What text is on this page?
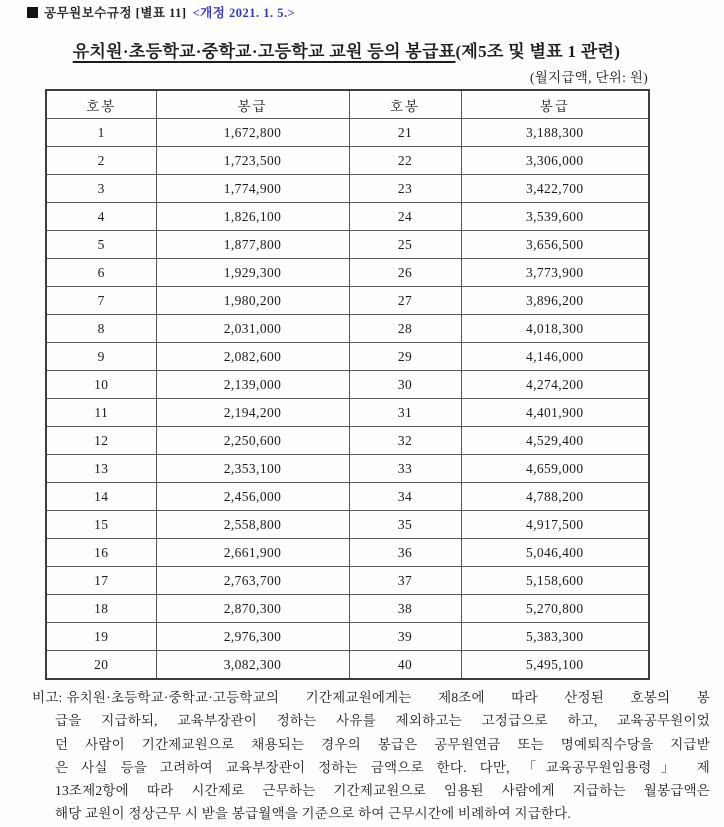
공무원보수규정 [별표 11] <개정 2021. 1. 5.>
유치원·초등학교·중학교·고등학교 교원 등의 봉급표(제5조 및 별표 1 관련)
(월지급액, 단위: 원)
호봉	봉급	호봉	봉급
1	1,672,800	21	3,188,300
2	1,723,500	22	3,306,000
3	1,774,900	23	3,422,700
4	1,826,100	24	3,539,600
5	1,877,800	25	3,656,500
6	1,929,300	26	3,773,900
7	1,980,200	27	3,896,200
8	2,031,000	28	4,018,300
9	2,082,600	29	4,146,000
10	2,139,000	30	4,274,200
11	2,194,200	31	4,401,900
12	2,250,600	32	4,529,400
13	2,353,100	33	4,659,000
14	2,456,000	34	4,788,200
15	2,558,800	35	4,917,500
16	2,661,900	36	5,046,400
17	2,763,700	37	5,158,600
18	2,870,300	38	5,270,800
19	2,976,300	39	5,383,300
20	3,082,300	40	5,495,100
비고: 유치원·초등학교·중학교·고등학교의 기간제교원에게는 제8조에 따라 산정된 호봉의 봉
급을 지급하되, 교육부장관이 정하는 사유를 제외하고는 고정급으로 하고, 교육공무원이었
던 사람이 기간제교원으로 채용되는 경우의 봉급은 공무원연금 또는 명예퇴직수당을 지급받
은 사실 등을 고려하여 교육부장관이 정하는 금액으로 한다. 다만, 「교육공무원임용령」 제
13조제2항에 따라 시간제로 근무하는 기간제교원으로 임용된 사람에게 지급하는 월봉급액은
해당 교원이 정상근무 시 받을 봉급월액을 기준으로 하여 근무시간에 비례하여 지급한다.
